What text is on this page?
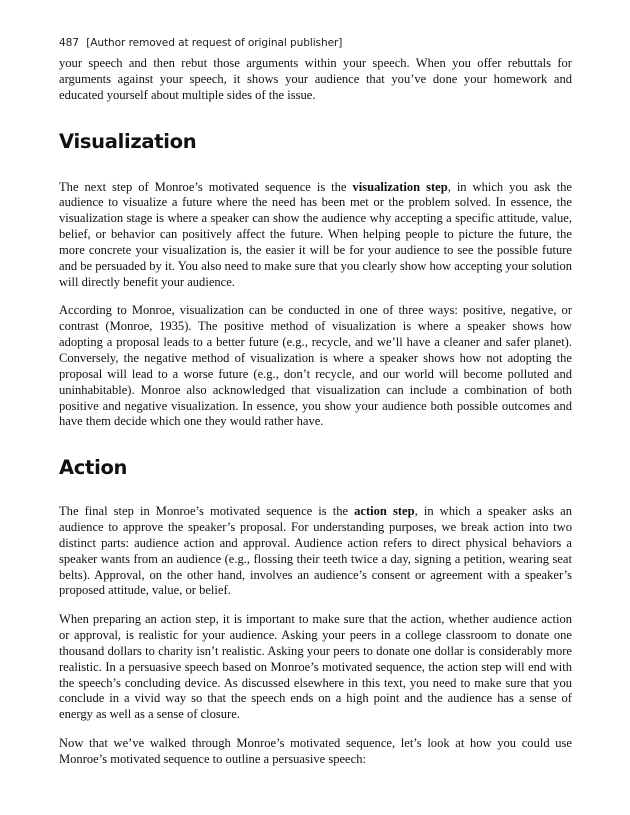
487 [Author removed at request of original publisher]

your speech and then rebut those arguments within your speech. When you offer rebuttals for arguments against your speech, it shows your audience that you’ve done your homework and educated yourself about multiple sides of the issue.

Visualization

The next step of Monroe’s motivated sequence is the visualization step, in which you ask the audience to visualize a future where the need has been met or the problem solved. In essence, the visualization stage is where a speaker can show the audience why accepting a specific attitude, value, belief, or behavior can positively affect the future. When helping people to picture the future, the more concrete your visualization is, the easier it will be for your audience to see the possible future and be persuaded by it. You also need to make sure that you clearly show how accepting your solution will directly benefit your audience.

According to Monroe, visualization can be conducted in one of three ways: positive, negative, or contrast (Monroe, 1935). The positive method of visualization is where a speaker shows how adopting a proposal leads to a better future (e.g., recycle, and we’ll have a cleaner and safer planet). Conversely, the negative method of visualization is where a speaker shows how not adopting the proposal will lead to a worse future (e.g., don’t recycle, and our world will become polluted and uninhabitable). Monroe also acknowledged that visualization can include a combination of both positive and negative visualization. In essence, you show your audience both possible outcomes and have them decide which one they would rather have.

Action

The final step in Monroe’s motivated sequence is the action step, in which a speaker asks an audience to approve the speaker’s proposal. For understanding purposes, we break action into two distinct parts: audience action and approval. Audience action refers to direct physical behaviors a speaker wants from an audience (e.g., flossing their teeth twice a day, signing a petition, wearing seat belts). Approval, on the other hand, involves an audience’s consent or agreement with a speaker’s proposed attitude, value, or belief.

When preparing an action step, it is important to make sure that the action, whether audience action or approval, is realistic for your audience. Asking your peers in a college classroom to donate one thousand dollars to charity isn’t realistic. Asking your peers to donate one dollar is considerably more realistic. In a persuasive speech based on Monroe’s motivated sequence, the action step will end with the speech’s concluding device. As discussed elsewhere in this text, you need to make sure that you conclude in a vivid way so that the speech ends on a high point and the audience has a sense of energy as well as a sense of closure.

Now that we’ve walked through Monroe’s motivated sequence, let’s look at how you could use Monroe’s motivated sequence to outline a persuasive speech:
